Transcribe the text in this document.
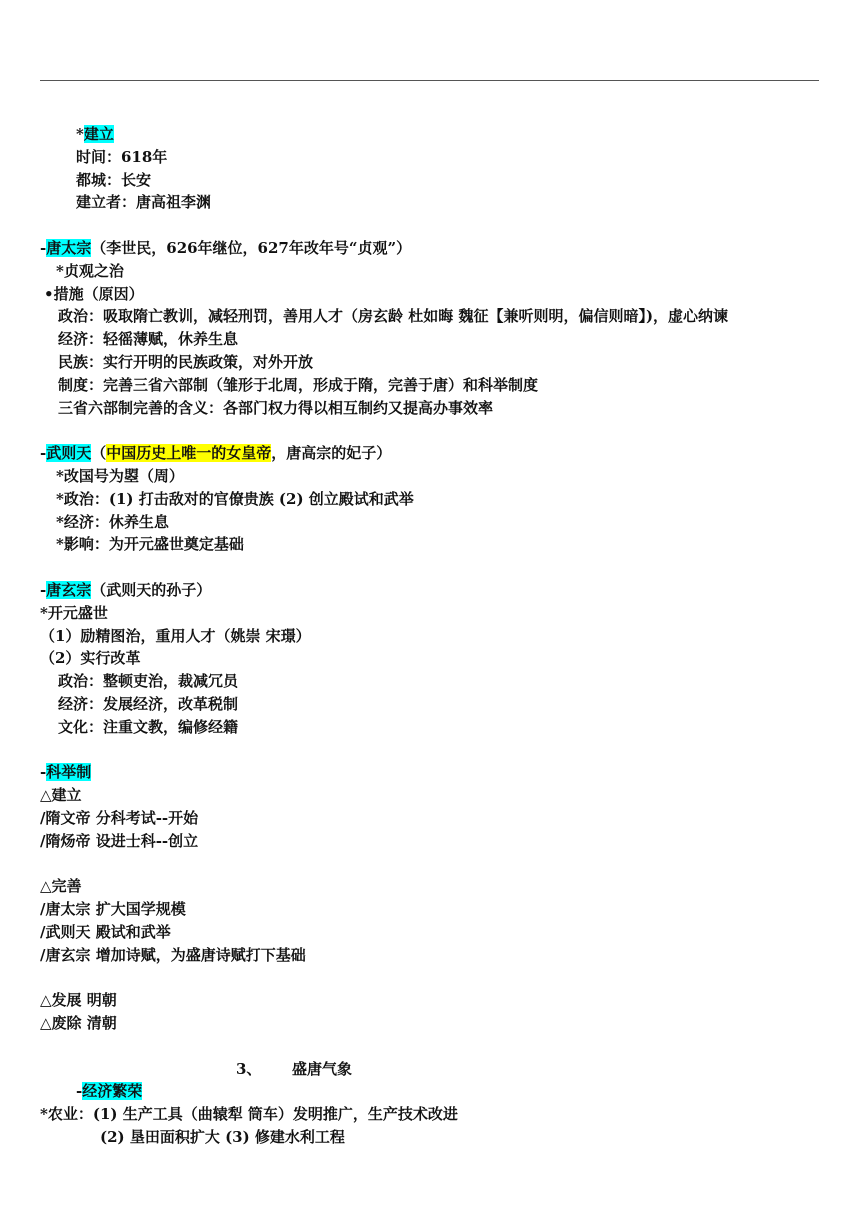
*建立
时间：618年
都城：长安
建立者：唐高祖李渊
-唐太宗（李世民，626年继位，627年改年号“贞观”）
*贞观之治
•措施（原因）
政治：吸取隋亡教训，减轻刑罚，善用人才（房玄龄 杜如晦 魏征【兼听则明，偏信则暗】)，虚心纳谏
经济：轻徭薄赋，休养生息
民族：实行开明的民族政策，对外开放
制度：完善三省六部制（雏形于北周，形成于隋，完善于唐）和科举制度
三省六部制完善的含义：各部门权力得以相互制约又提高办事效率
-武则天（中国历史上唯一的女皇帝，唐高宗的妃子）
*改国号为曌（周）
*政治：(1) 打击敌对的官僚贵族 (2) 创立殿试和武举
*经济：休养生息
*影响：为开元盛世奠定基础
-唐玄宗（武则天的孙子）
*开元盛世
（1）励精图治，重用人才（姚崇 宋璟）
（2）实行改革
政治：整顿吏治，裁减冗员
经济：发展经济，改革税制
文化：注重文教，编修经籍
-科举制
△建立
/隋文帝 分科考试--开始
/隋炀帝 设进士科--创立
△完善
/唐太宗 扩大国学规模
/武则天 殿试和武举
/唐玄宗 增加诗赋，为盛唐诗赋打下基础
△发展 明朝
△废除 清朝
3、 盛唐气象
-经济繁荣
*农业：(1) 生产工具（曲辕犁 筒车）发明推广，生产技术改进
(2) 垦田面积扩大 (3) 修建水利工程
